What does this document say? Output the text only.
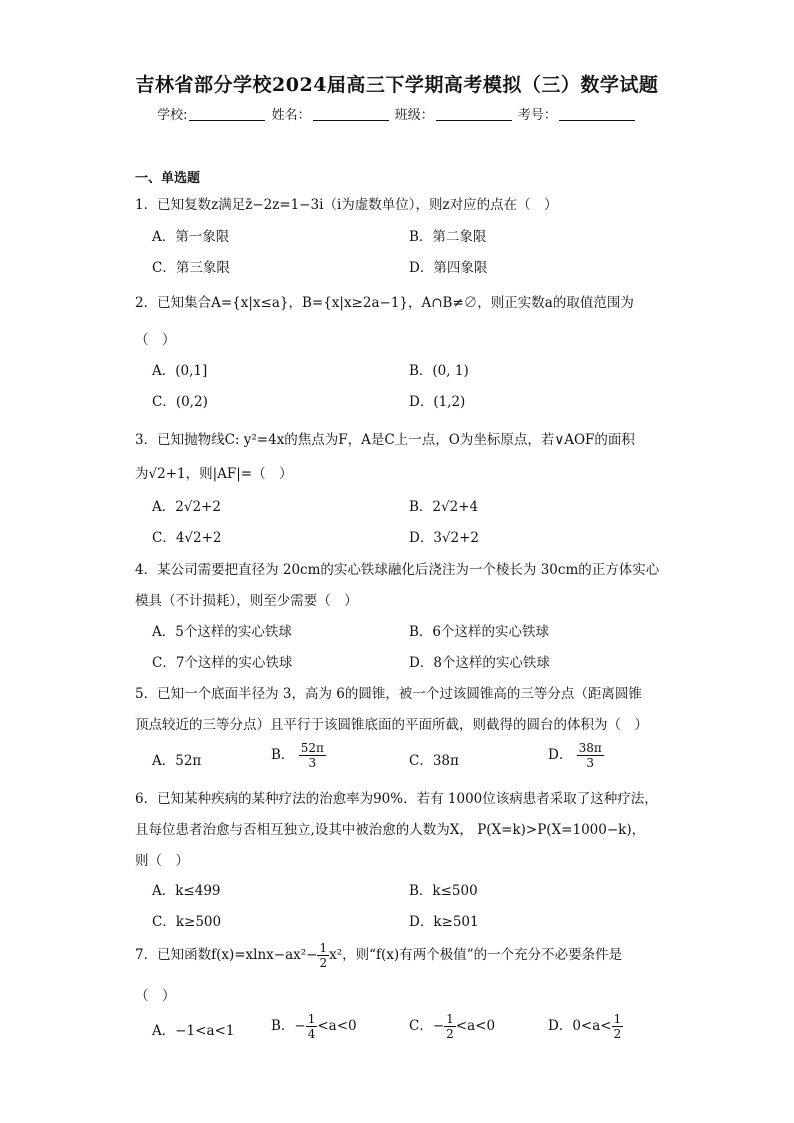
吉林省部分学校2024届高三下学期高考模拟（三）数学试题
学校:	姓名：	班级：	考号：
一、单选题
1．已知复数z满足z̄−2z=1−3i（i为虚数单位），则z对应的点在（　）
A．第一象限	B．第二象限
C．第三象限	D．第四象限
2．已知集合A={x|x≤a}，B={x|x≥2a−1}，A∩B≠∅，则正实数a的取值范围为
（　）
A．(0,1]	B．(0, 1)
C．(0,2)	D．(1,2)
3．已知抛物线C: y²=4x的焦点为F，A是C上一点，O为坐标原点，若∨AOF的面积
为√2+1，则|AF|=（　）
A．2√2+2	B．2√2+4
C．4√2+2	D．3√2+2
4．某公司需要把直径为 20cm的实心铁球融化后浇注为一个棱长为 30cm的正方体实心
模具（不计损耗），则至少需要（　）
A．5个这样的实心铁球	B．6个这样的实心铁球
C．7个这样的实心铁球	D．8个这样的实心铁球
5．已知一个底面半径为 3，高为 6的圆锥，被一个过该圆锥高的三等分点（距离圆锥
顶点较近的三等分点）且平行于该圆锥底面的平面所截，则截得的圆台的体积为（　）
A．52π	B． $\frac{52\pi}{3}$	C．38π	D． $\frac{38\pi}{3}$
6．已知某种疾病的某种疗法的治愈率为90%．若有 1000位该病患者采取了这种疗法，
且每位患者治愈与否相互独立,设其中被治愈的人数为X， P(X=k)>P(X=1000−k)，
则（　）
A．k≤499	B．k≤500
C．k≥500	D．k≥501
7．已知函数$f(x)=xlnx-ax^2- \frac{1}{2} x^2$，则“f(x)有两个极值”的一个充分不必要条件是
（　）
A．−1<a<1	B．− $\frac{1}{4} <a<0$	C．− $\frac{1}{2} <a<0$	D．$0<a< \frac{1}{2}$
